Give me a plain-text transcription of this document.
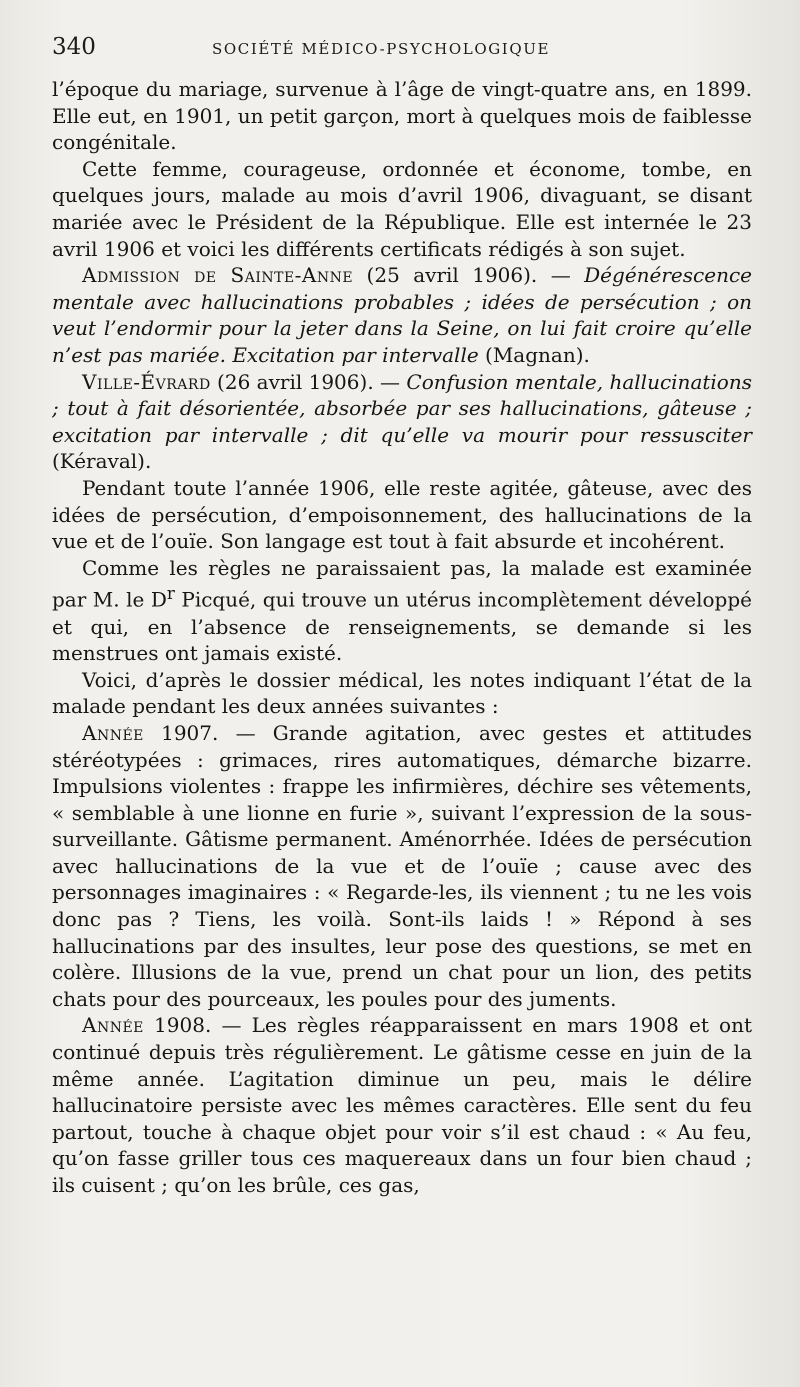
340	SOCIÉTÉ MÉDICO-PSYCHOLOGIQUE

l’époque du mariage, survenue à l’âge de vingt-quatre ans, en 1899. Elle eut, en 1901, un petit garçon, mort à quelques mois de faiblesse congénitale.

Cette femme, courageuse, ordonnée et économe, tombe, en quelques jours, malade au mois d’avril 1906, divaguant, se disant mariée avec le Président de la République. Elle est internée le 23 avril 1906 et voici les différents certificats rédigés à son sujet.

Admission de Sainte-Anne (25 avril 1906). — Dégénérescence mentale avec hallucinations probables ; idées de persécution ; on veut l’endormir pour la jeter dans la Seine, on lui fait croire qu’elle n’est pas mariée. Excitation par intervalle (Magnan).

Ville-Évrard (26 avril 1906). — Confusion mentale, hallucinations ; tout à fait désorientée, absorbée par ses hallucinations, gâteuse ; excitation par intervalle ; dit qu’elle va mourir pour ressusciter (Kéraval).

Pendant toute l’année 1906, elle reste agitée, gâteuse, avec des idées de persécution, d’empoisonnement, des hallucinations de la vue et de l’ouïe. Son langage est tout à fait absurde et incohérent.

Comme les règles ne paraissaient pas, la malade est examinée par M. le $D^r$ Picqué, qui trouve un utérus incomplètement développé et qui, en l’absence de renseignements, se demande si les menstrues ont jamais existé.

Voici, d’après le dossier médical, les notes indiquant l’état de la malade pendant les deux années suivantes :

Année 1907. — Grande agitation, avec gestes et attitudes stéréotypées : grimaces, rires automatiques, démarche bizarre. Impulsions violentes : frappe les infirmières, déchire ses vêtements, « semblable à une lionne en furie », suivant l’expression de la sous-surveillante. Gâtisme permanent. Aménorrhée. Idées de persécution avec hallucinations de la vue et de l’ouïe ; cause avec des personnages imaginaires : « Regarde-les, ils viennent ; tu ne les vois donc pas ? Tiens, les voilà. Sont-ils laids ! » Répond à ses hallucinations par des insultes, leur pose des questions, se met en colère. Illusions de la vue, prend un chat pour un lion, des petits chats pour des pourceaux, les poules pour des juments.

Année 1908. — Les règles réapparaissent en mars 1908 et ont continué depuis très régulièrement. Le gâtisme cesse en juin de la même année. L’agitation diminue un peu, mais le délire hallucinatoire persiste avec les mêmes caractères. Elle sent du feu partout, touche à chaque objet pour voir s’il est chaud : « Au feu, qu’on fasse griller tous ces maquereaux dans un four bien chaud ; ils cuisent ; qu’on les brûle, ces gas,
